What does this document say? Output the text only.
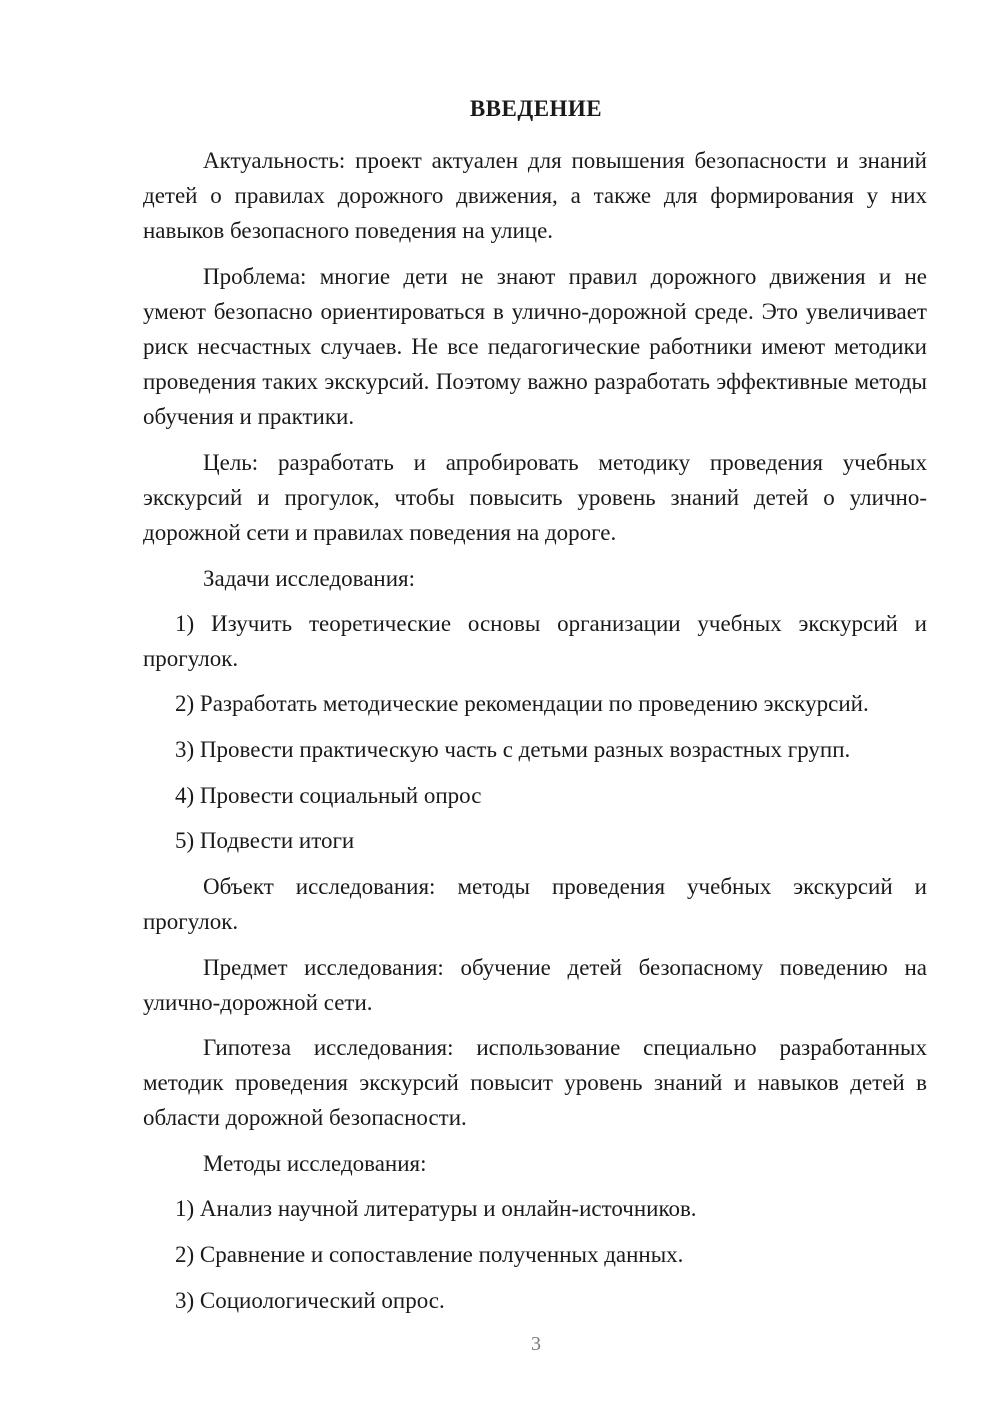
ВВЕДЕНИЕ

Актуальность: проект актуален для повышения безопасности и знаний детей о правилах дорожного движения, а также для формирования у них навыков безопасного поведения на улице.

Проблема: многие дети не знают правил дорожного движения и не умеют безопасно ориентироваться в улично-дорожной среде. Это увеличивает риск несчастных случаев. Не все педагогические работники имеют методики проведения таких экскурсий. Поэтому важно разработать эффективные методы обучения и практики.

Цель: разработать и апробировать методику проведения учебных экскурсий и прогулок, чтобы повысить уровень знаний детей о улично-дорожной сети и правилах поведения на дороге.

Задачи исследования:

1) Изучить теоретические основы организации учебных экскурсий и прогулок.

2) Разработать методические рекомендации по проведению экскурсий.

3) Провести практическую часть с детьми разных возрастных групп.

4) Провести социальный опрос

5) Подвести итоги

Объект исследования: методы проведения учебных экскурсий и прогулок.

Предмет исследования: обучение детей безопасному поведению на улично-дорожной сети.

Гипотеза исследования: использование специально разработанных методик проведения экскурсий повысит уровень знаний и навыков детей в области дорожной безопасности.

Методы исследования:

1) Анализ научной литературы и онлайн-источников.

2) Сравнение и сопоставление полученных данных.

3) Социологический опрос.

3
